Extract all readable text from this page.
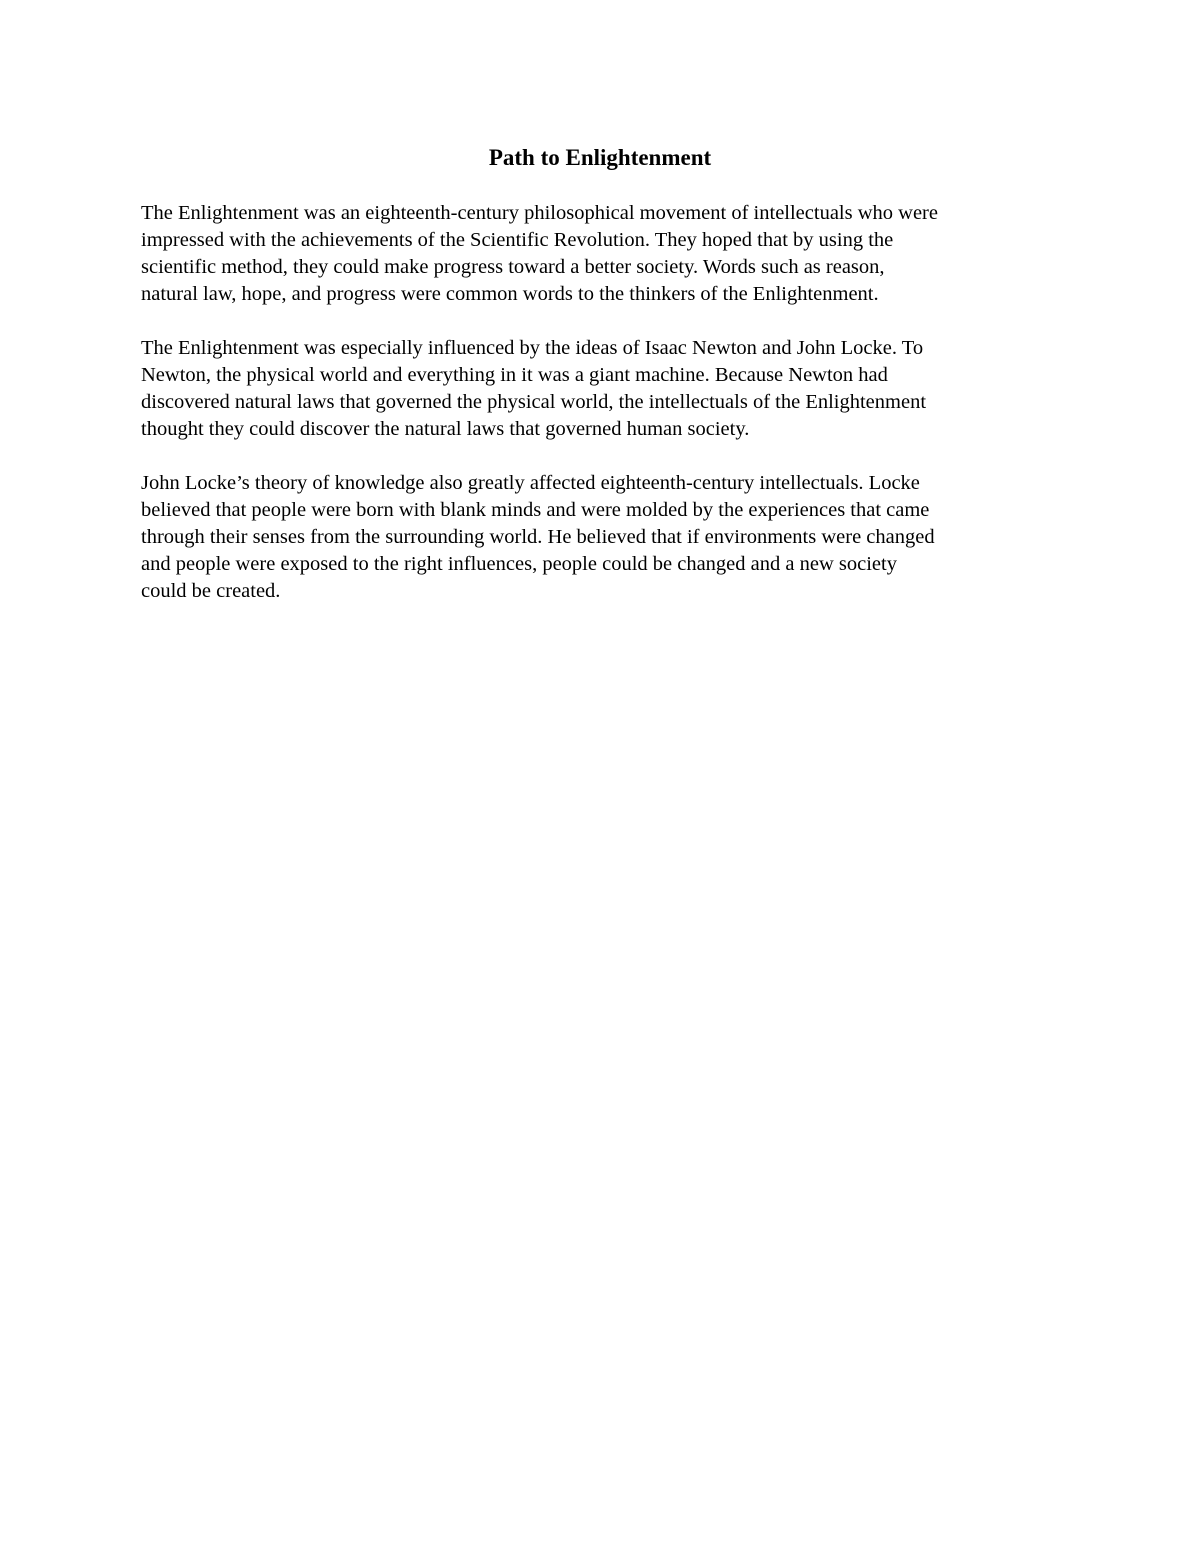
Path to Enlightenment

The Enlightenment was an eighteenth-century philosophical movement of intellectuals who were
impressed with the achievements of the Scientific Revolution. They hoped that by using the
scientific method, they could make progress toward a better society. Words such as reason,
natural law, hope, and progress were common words to the thinkers of the Enlightenment.

The Enlightenment was especially influenced by the ideas of Isaac Newton and John Locke. To
Newton, the physical world and everything in it was a giant machine. Because Newton had
discovered natural laws that governed the physical world, the intellectuals of the Enlightenment
thought they could discover the natural laws that governed human society.

John Locke’s theory of knowledge also greatly affected eighteenth-century intellectuals. Locke
believed that people were born with blank minds and were molded by the experiences that came
through their senses from the surrounding world. He believed that if environments were changed
and people were exposed to the right influences, people could be changed and a new society
could be created.
